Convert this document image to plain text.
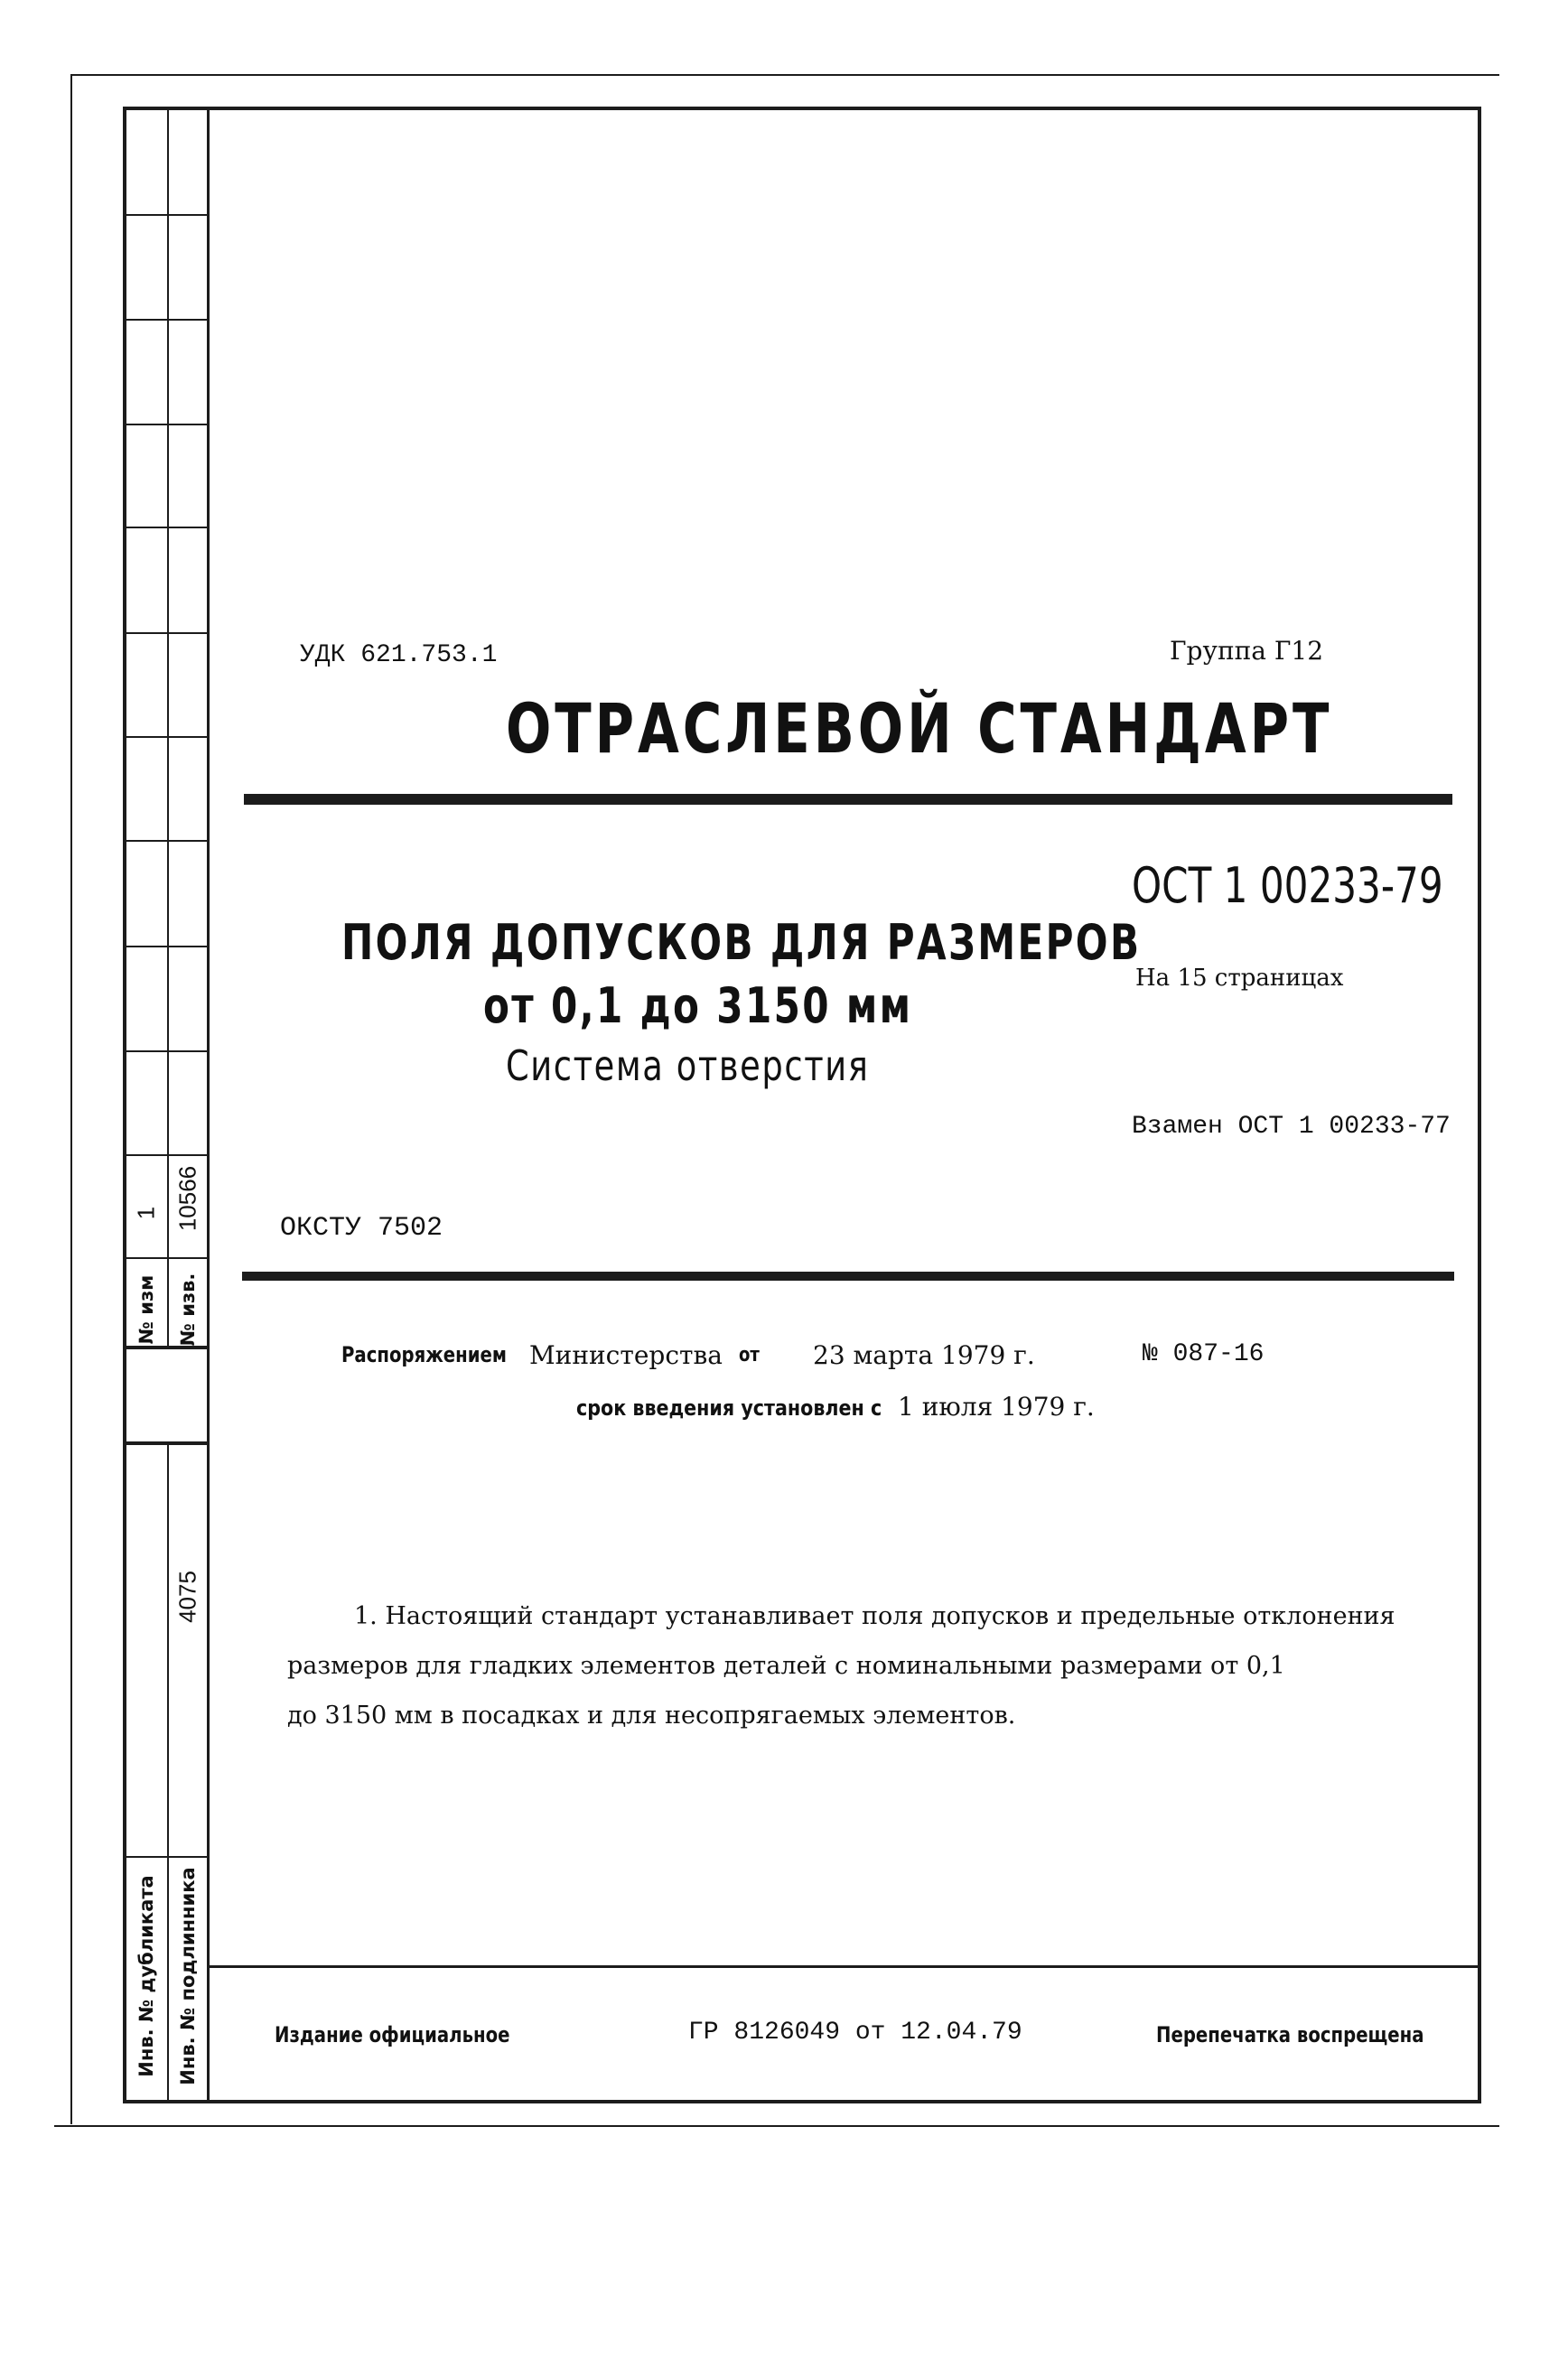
1 10566
№ изм № изв.
4075
Инв. № дубликата Инв. № подлинника
УДК 621.753.1	Группа Г12
ОТРАСЛЕВОЙ СТАНДАРТ
ПОЛЯ ДОПУСКОВ ДЛЯ РАЗМЕРОВ
от 0,1 до 3150 мм
Система отверстия
ОСТ 1 00233-79
На 15 страницах
Взамен ОСТ 1 00233-77
ОКСТУ 7502
Распоряжением Министерства от 23 марта 1979 г.	№ 087-16
срок введения установлен с 1 июля 1979 г.
1. Настоящий стандарт устанавливает поля допусков и предельные отклонения
размеров для гладких элементов деталей с номинальными размерами от 0,1
до 3150 мм в посадках и для несопрягаемых элементов.
Издание официальное	ГР 8126049 от 12.04.79	Перепечатка воспрещена
